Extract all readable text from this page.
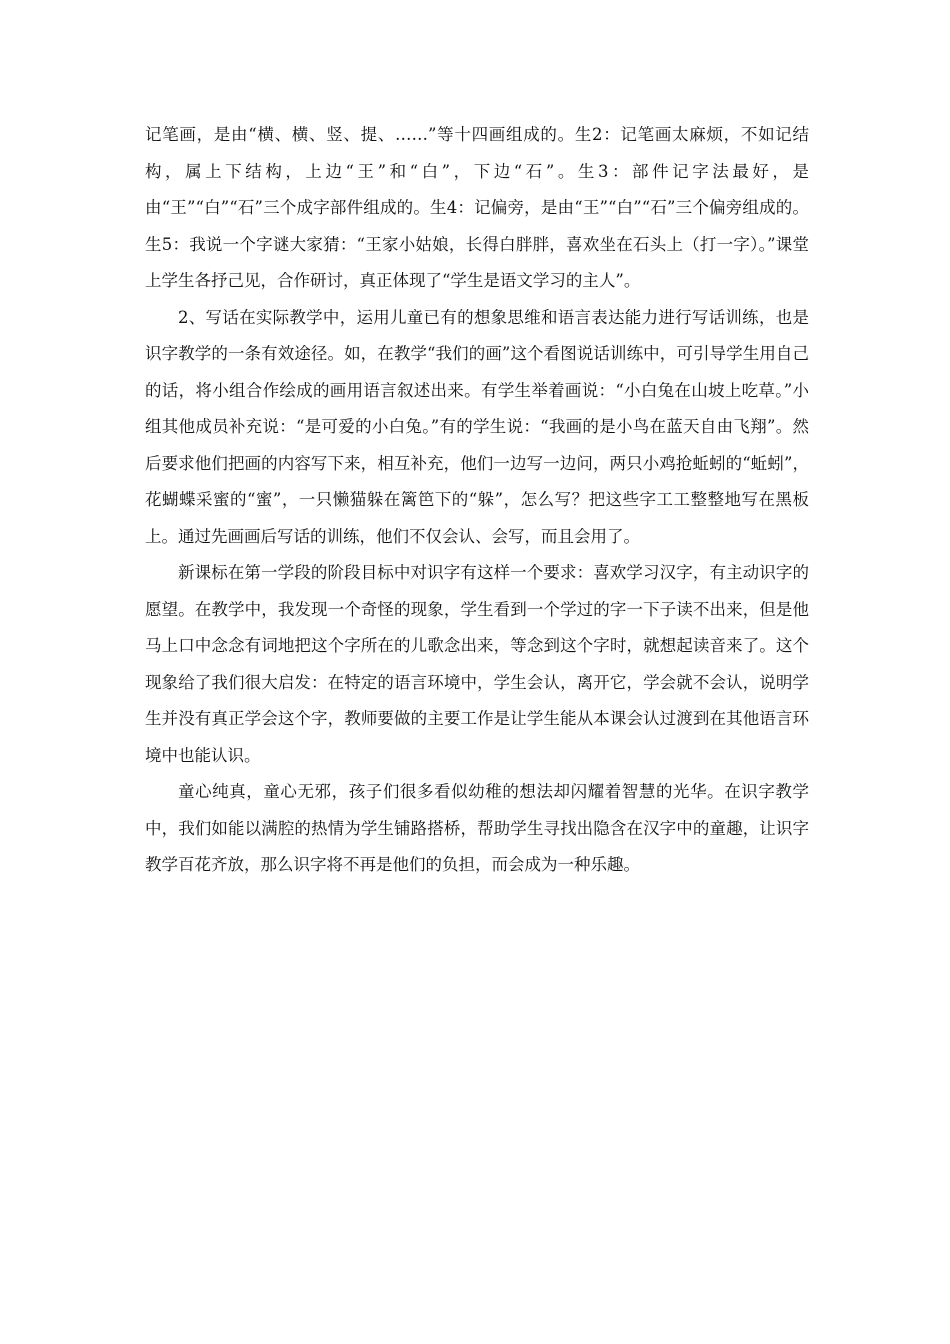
记笔画，是由“横、横、竖、提、……”等十四画组成的。生2：记笔画太麻烦，不如记结构，属上下结构，上边“王”和“白”，下边“石”。生3：部件记字法最好，是由“王”“白”“石”三个成字部件组成的。生4：记偏旁，是由“王”“白”“石”三个偏旁组成的。生5：我说一个字谜大家猜：“王家小姑娘，长得白胖胖，喜欢坐在石头上（打一字）。”课堂上学生各抒己见，合作研讨，真正体现了“学生是语文学习的主人”。

2、写话在实际教学中，运用儿童已有的想象思维和语言表达能力进行写话训练，也是识字教学的一条有效途径。如，在教学“我们的画”这个看图说话训练中，可引导学生用自己的话，将小组合作绘成的画用语言叙述出来。有学生举着画说：“小白兔在山坡上吃草。”小组其他成员补充说：“是可爱的小白兔。”有的学生说：“我画的是小鸟在蓝天自由飞翔”。然后要求他们把画的内容写下来，相互补充，他们一边写一边问，两只小鸡抢蚯蚓的“蚯蚓”，花蝴蝶采蜜的“蜜”，一只懒猫躲在篱笆下的“躲”，怎么写？把这些字工工整整地写在黑板上。通过先画画后写话的训练，他们不仅会认、会写，而且会用了。

新课标在第一学段的阶段目标中对识字有这样一个要求：喜欢学习汉字，有主动识字的愿望。在教学中，我发现一个奇怪的现象，学生看到一个学过的字一下子读不出来，但是他马上口中念念有词地把这个字所在的儿歌念出来，等念到这个字时，就想起读音来了。这个现象给了我们很大启发：在特定的语言环境中，学生会认，离开它，学会就不会认，说明学生并没有真正学会这个字，教师要做的主要工作是让学生能从本课会认过渡到在其他语言环境中也能认识。

童心纯真，童心无邪，孩子们很多看似幼稚的想法却闪耀着智慧的光华。在识字教学中，我们如能以满腔的热情为学生铺路搭桥，帮助学生寻找出隐含在汉字中的童趣，让识字教学百花齐放，那么识字将不再是他们的负担，而会成为一种乐趣。
